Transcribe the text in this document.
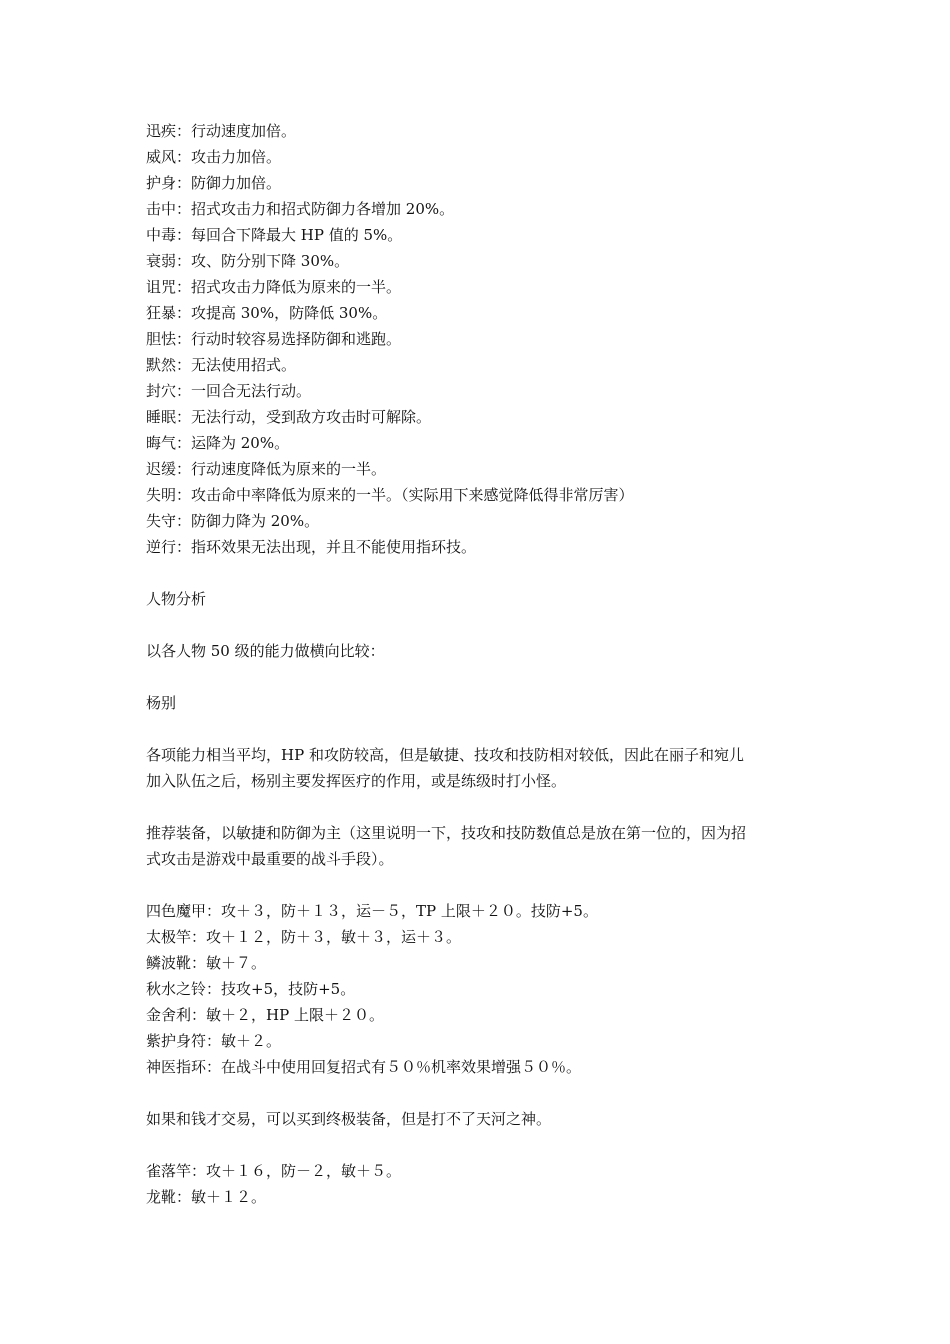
迅疾：行动速度加倍。
威风：攻击力加倍。
护身：防御力加倍。
击中：招式攻击力和招式防御力各增加 20%。
中毒：每回合下降最大 HP 值的 5%。
衰弱：攻、防分别下降 30%。
诅咒：招式攻击力降低为原来的一半。
狂暴：攻提高 30%，防降低 30%。
胆怯：行动时较容易选择防御和逃跑。
默然：无法使用招式。
封穴：一回合无法行动。
睡眠：无法行动，受到敌方攻击时可解除。
晦气：运降为 20%。
迟缓：行动速度降低为原来的一半。
失明：攻击命中率降低为原来的一半。（实际用下来感觉降低得非常厉害）
失守：防御力降为 20%。
逆行：指环效果无法出现，并且不能使用指环技。
人物分析
以各人物 50 级的能力做横向比较：
杨别
各项能力相当平均，HP 和攻防较高，但是敏捷、技攻和技防相对较低，因此在丽子和宛儿
加入队伍之后，杨别主要发挥医疗的作用，或是练级时打小怪。
推荐装备，以敏捷和防御为主（这里说明一下，技攻和技防数值总是放在第一位的，因为招
式攻击是游戏中最重要的战斗手段）。
四色魔甲：攻＋３，防＋１３，运－５，TP 上限＋２０。技防+5。
太极竿：攻＋１２，防＋３，敏＋３，运＋３。
鳞波靴：敏＋７。
秋水之铃：技攻+5，技防+5。
金舍利：敏＋２，HP 上限＋２０。
紫护身符：敏＋２。
神医指环：在战斗中使用回复招式有５０％机率效果增强５０％。
如果和钱才交易，可以买到终极装备，但是打不了天河之神。
雀落竿：攻＋１６，防－２，敏＋５。
龙靴：敏＋１２。
